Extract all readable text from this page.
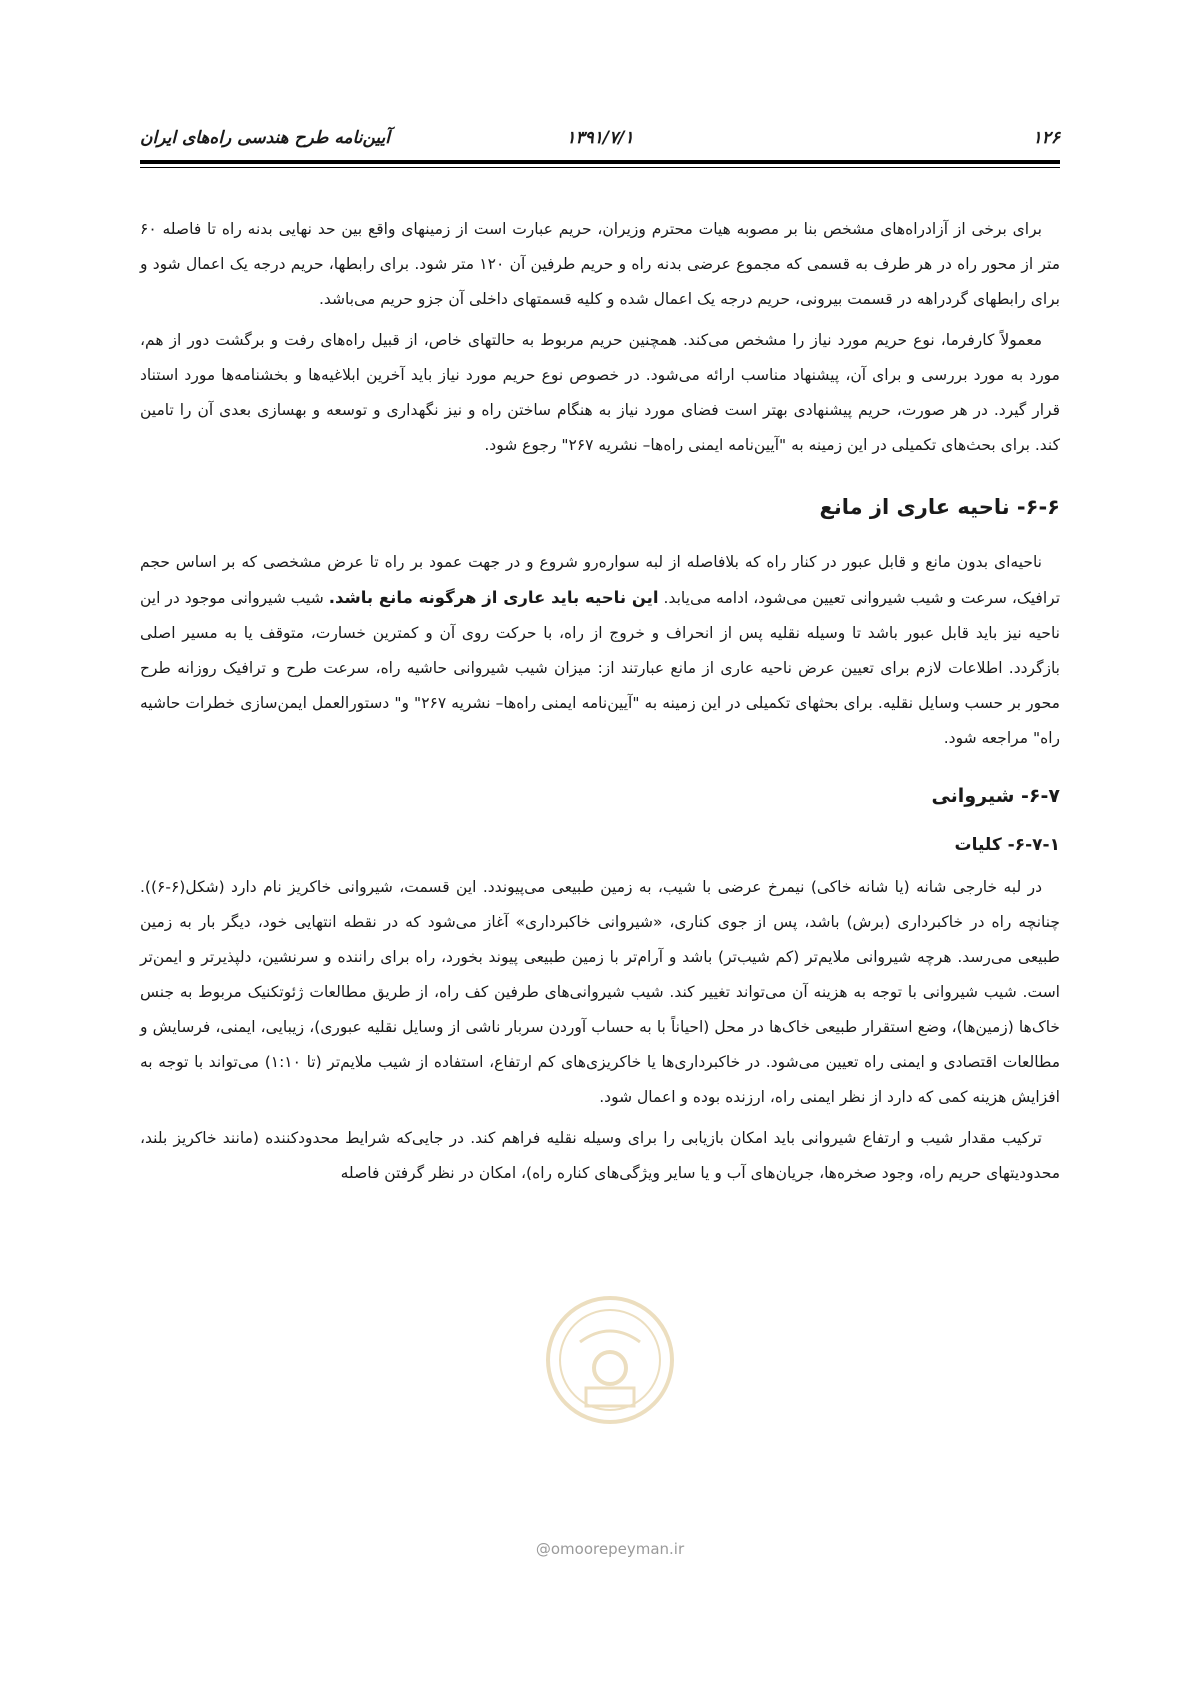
۱۲۶
۱۳۹۱/۷/۱
آیین‌نامه طرح هندسی راه‌های ایران

برای برخی از آزادراه‌های مشخص بنا بر مصوبه هیات محترم وزیران، حریم عبارت است از زمینهای واقع بین حد نهایی بدنه راه تا فاصله ۶۰ متر از محور راه در هر طرف به قسمی که مجموع عرضی بدنه راه و حریم طرفین آن ۱۲۰ متر شود. برای رابطها، حریم درجه یک اعمال شود و برای رابطهای گردراهه در قسمت بیرونی، حریم درجه یک اعمال شده و کلیه قسمتهای داخلی آن جزو حریم می‌باشد.

معمولاً کارفرما، نوع حریم مورد نیاز را مشخص می‌کند. همچنین حریم مربوط به حالتهای خاص، از قبیل راه‌های رفت و برگشت دور از هم، مورد به مورد بررسی و برای آن، پیشنهاد مناسب ارائه می‌شود. در خصوص نوع حریم مورد نیاز باید آخرین ابلاغیه‌ها و بخشنامه‌ها مورد استناد قرار گیرد. در هر صورت، حریم پیشنهادی بهتر است فضای مورد نیاز به هنگام ساختن راه و نیز نگهداری و توسعه و بهسازی بعدی آن را تامین کند. برای بحث‌های تکمیلی در این زمینه به "آیین‌نامه ایمنی راه‌ها– نشریه ۲۶۷" رجوع شود.

۶-۶- ناحیه عاری از مانع

ناحیه‌ای بدون مانع و قابل عبور در کنار راه که بلافاصله از لبه سواره‌رو شروع و در جهت عمود بر راه تا عرض مشخصی که بر اساس حجم ترافیک، سرعت و شیب شیروانی تعیین می‌شود، ادامه می‌یابد. این ناحیه باید عاری از هرگونه مانع باشد. شیب شیروانی موجود در این ناحیه نیز باید قابل عبور باشد تا وسیله نقلیه پس از انحراف و خروج از راه، با حرکت روی آن و کمترین خسارت، متوقف یا به مسیر اصلی بازگردد. اطلاعات لازم برای تعیین عرض ناحیه عاری از مانع عبارتند از: میزان شیب شیروانی حاشیه راه، سرعت طرح و ترافیک روزانه طرح محور بر حسب وسایل نقلیه. برای بحثهای تکمیلی در این زمینه به "آیین‌نامه ایمنی راه‌ها– نشریه ۲۶۷" و" دستورالعمل ایمن‌سازی خطرات حاشیه راه" مراجعه شود.

۶-۷- شیروانی
۶-۷-۱- کلیات

در لبه خارجی شانه (یا شانه خاکی) نیمرخ عرضی با شیب، به زمین طبیعی می‌پیوندد. این قسمت، شیروانی خاکریز نام دارد (شکل(۶-۶)). چنانچه راه در خاکبرداری (برش) باشد، پس از جوی کناری، «شیروانی خاکبرداری» آغاز می‌شود که در نقطه انتهایی خود، دیگر بار به زمین طبیعی می‌رسد. هرچه شیروانی ملایم‌تر (کم شیب‌تر) باشد و آرام‌تر با زمین طبیعی پیوند بخورد، راه برای راننده و سرنشین، دلپذیرتر و ایمن‌تر است. شیب شیروانی با توجه به هزینه آن می‌تواند تغییر کند. شیب شیروانی‌های طرفین کف راه، از طریق مطالعات ژئوتکنیک مربوط به جنس خاک‌ها (زمین‌ها)، وضع استقرار طبیعی خاک‌ها در محل (احیاناً با به حساب آوردن سربار ناشی از وسایل نقلیه عبوری)، زیبایی، ایمنی، فرسایش و مطالعات اقتصادی و ایمنی راه تعیین می‌شود. در خاکبرداری‌ها یا خاکریزی‌های کم ارتفاع، استفاده از شیب ملایم‌تر (تا ۱:۱۰) می‌تواند با توجه به افزایش هزینه کمی که دارد از نظر ایمنی راه، ارزنده بوده و اعمال شود.

ترکیب مقدار شیب و ارتفاع شیروانی باید امکان بازیابی را برای وسیله نقلیه فراهم کند. در جایی‌که شرایط محدودکننده (مانند خاکریز بلند، محدودیتهای حریم راه، وجود صخره‌ها، جریان‌های آب و یا سایر ویژگی‌های کناره راه)، امکان در نظر گرفتن فاصله

@omoorepeyman.ir
